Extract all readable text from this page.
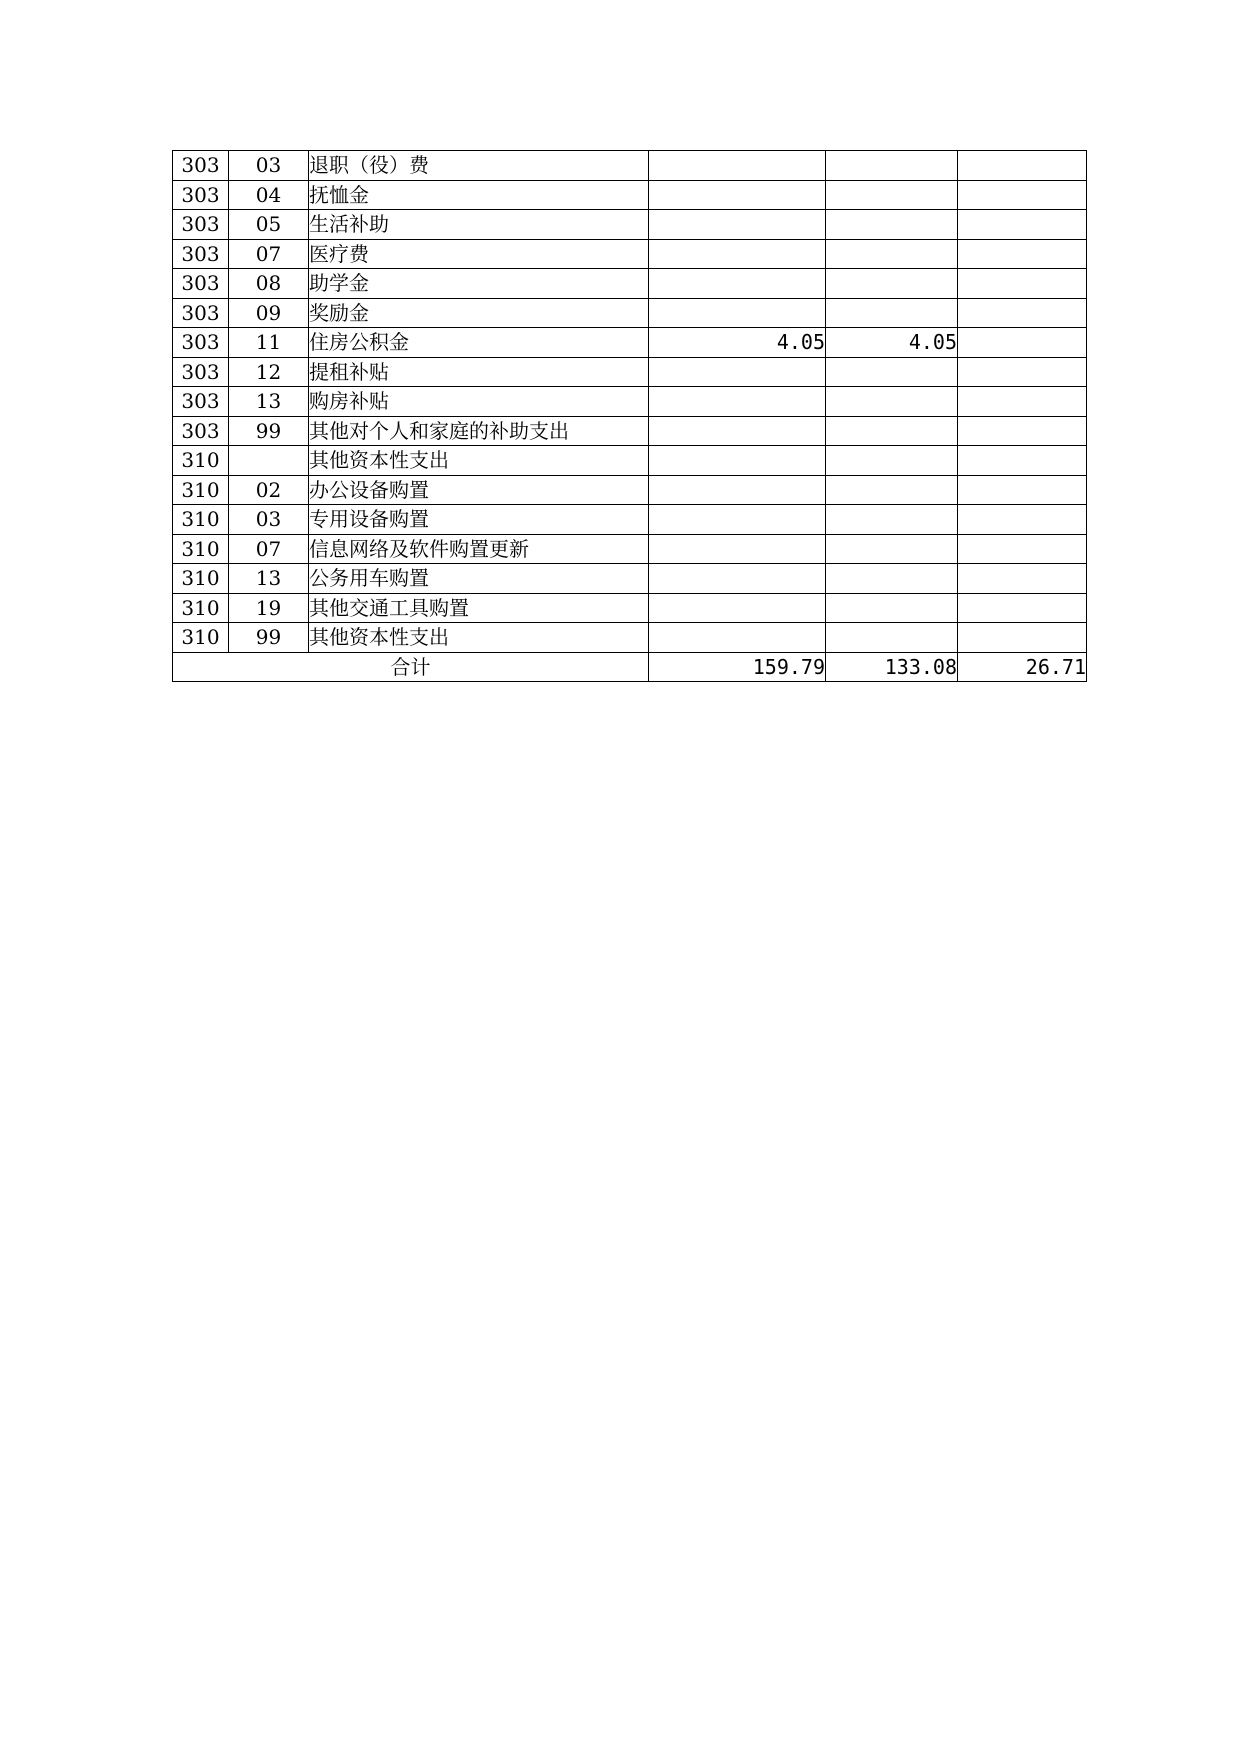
303	03	退职（役）费			
303	04	抚恤金			
303	05	生活补助			
303	07	医疗费			
303	08	助学金			
303	09	奖励金			
303	11	住房公积金	4.05	4.05	
303	12	提租补贴			
303	13	购房补贴			
303	99	其他对个人和家庭的补助支出			
310		其他资本性支出			
310	02	办公设备购置			
310	03	专用设备购置			
310	07	信息网络及软件购置更新			
310	13	公务用车购置			
310	19	其他交通工具购置			
310	99	其他资本性支出			
合计			159.79	133.08	26.71
